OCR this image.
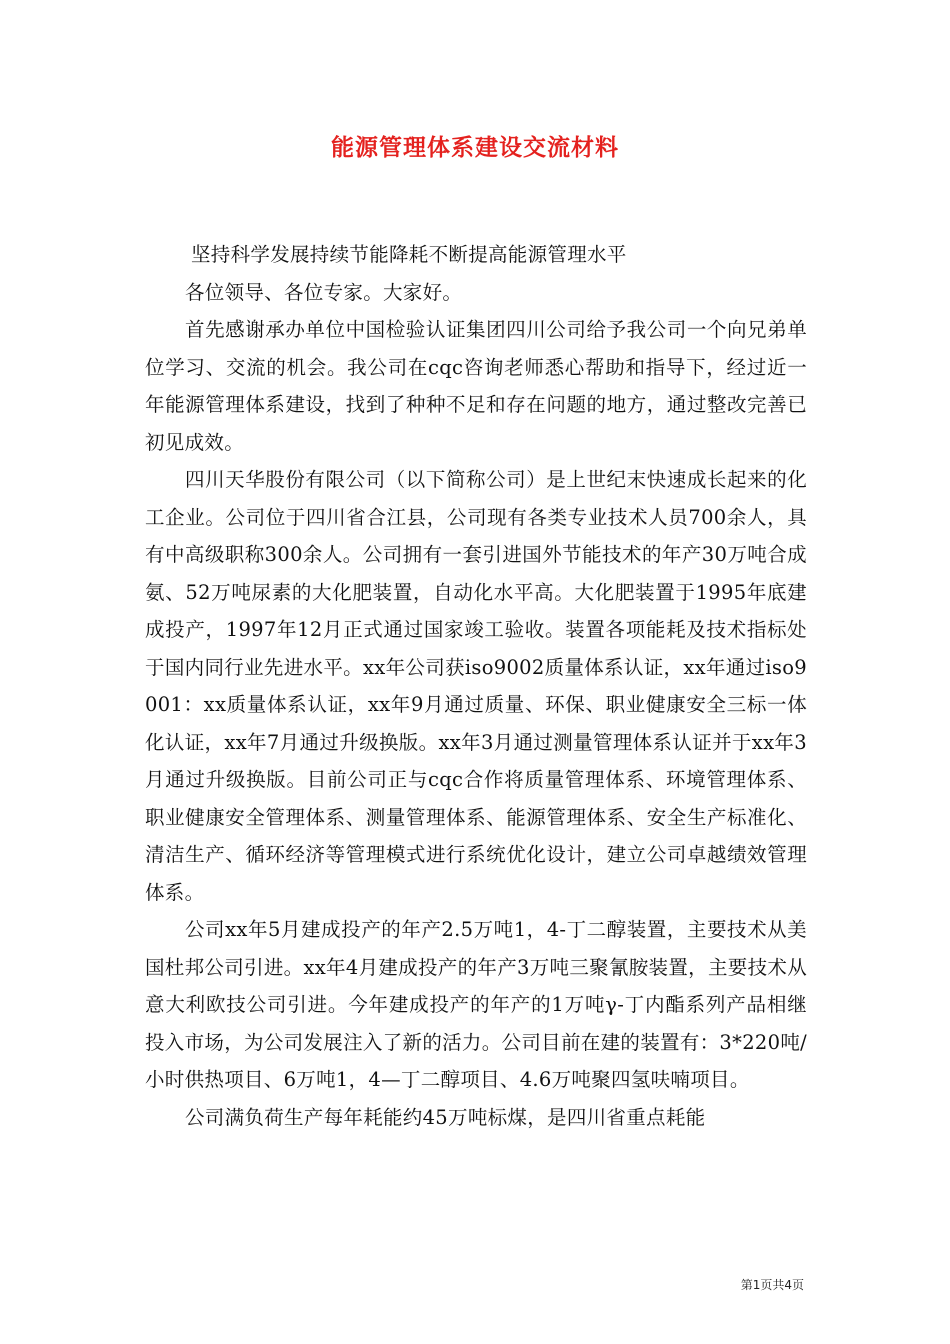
能源管理体系建设交流材料

坚持科学发展持续节能降耗不断提高能源管理水平

各位领导、各位专家。大家好。

首先感谢承办单位中国检验认证集团四川公司给予我公司一个向兄弟单位学习、交流的机会。我公司在cqc咨询老师悉心帮助和指导下，经过近一年能源管理体系建设，找到了种种不足和存在问题的地方，通过整改完善已初见成效。

四川天华股份有限公司（以下简称公司）是上世纪末快速成长起来的化工企业。公司位于四川省合江县，公司现有各类专业技术人员700余人，具有中高级职称300余人。公司拥有一套引进国外节能技术的年产30万吨合成氨、52万吨尿素的大化肥装置，自动化水平高。大化肥装置于1995年底建成投产，1997年12月正式通过国家竣工验收。装置各项能耗及技术指标处于国内同行业先进水平。xx年公司获iso9002质量体系认证，xx年通过iso9001：xx质量体系认证，xx年9月通过质量、环保、职业健康安全三标一体化认证，xx年7月通过升级换版。xx年3月通过测量管理体系认证并于xx年3月通过升级换版。目前公司正与cqc合作将质量管理体系、环境管理体系、职业健康安全管理体系、测量管理体系、能源管理体系、安全生产标准化、清洁生产、循环经济等管理模式进行系统优化设计，建立公司卓越绩效管理体系。

公司xx年5月建成投产的年产2.5万吨1，4-丁二醇装置，主要技术从美国杜邦公司引进。xx年4月建成投产的年产3万吨三聚氰胺装置，主要技术从意大利欧技公司引进。今年建成投产的年产的1万吨γ-丁内酯系列产品相继投入市场，为公司发展注入了新的活力。公司目前在建的装置有：3*220吨/小时供热项目、6万吨1，4—丁二醇项目、4.6万吨聚四氢呋喃项目。

公司满负荷生产每年耗能约45万吨标煤，是四川省重点耗能

第1页共4页
